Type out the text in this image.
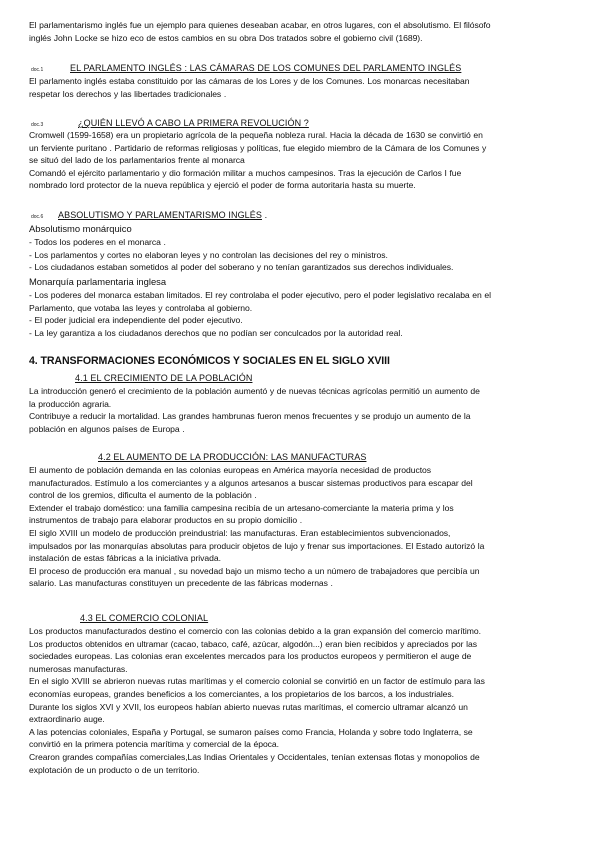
El parlamentarismo inglés fue un ejemplo para quienes deseaban acabar, en otros lugares, con el absolutismo. El filósofo
inglés John Locke se hizo eco de estos cambios en su obra Dos tratados sobre el gobierno civil (1689).
doc.1	EL PARLAMENTO INGLÉS : LAS CÁMARAS DE LOS COMUNES DEL PARLAMENTO INGLÉS
El parlamento inglés estaba constituido por las cámaras de los Lores y de los Comunes. Los monarcas necesitaban
respetar los derechos y las libertades tradicionales .
doc.3	¿QUIÉN LLEVÓ A CABO LA PRIMERA REVOLUCIÓN ?
Cromwell (1599-1658) era un propietario agrícola de la pequeña nobleza rural. Hacia la década de 1630 se convirtió en
un ferviente puritano . Partidario de reformas religiosas y políticas, fue elegido miembro de la Cámara de los Comunes y
se situó del lado de los parlamentarios frente al monarca
Comandó el ejército parlamentario y dio formación militar a muchos campesinos. Tras la ejecución de Carlos I fue
nombrado lord protector de la nueva república y ejerció el poder de forma autoritaria hasta su muerte.
doc.6 ABSOLUTISMO Y PARLAMENTARISMO INGLÉS .

Absolutismo monárquico

- Todos los poderes en el monarca .
- Los parlamentos y cortes no elaboran leyes y no controlan las decisiones del rey o ministros.
- Los ciudadanos estaban sometidos al poder del soberano y no tenían garantizados sus derechos individuales.

Monarquía parlamentaria inglesa

- Los poderes del monarca estaban limitados. El rey controlaba el poder ejecutivo, pero el poder legislativo recalaba en el
Parlamento, que votaba las leyes y controlaba al gobierno.
- El poder judicial era independiente del poder ejecutivo.
- La ley garantiza a los ciudadanos derechos que no podían ser conculcados por la autoridad real.

4. TRANSFORMACIONES ECONÓMICOS Y SOCIALES EN EL SIGLO XVIII

4.1 EL CRECIMIENTO DE LA POBLACIÓN
La introducción generó el crecimiento de la población aumentó y de nuevas técnicas agrícolas permitió un aumento de
la producción agraria.
Contribuye a reducir la mortalidad. Las grandes hambrunas fueron menos frecuentes y se produjo un aumento de la
población en algunos países de Europa .
4.2 EL AUMENTO DE LA PRODUCCIÓN: LAS MANUFACTURAS
El aumento de población demanda en las colonias europeas en América mayoría necesidad de productos
manufacturados. Estímulo a los comerciantes y a algunos artesanos a buscar sistemas productivos para escapar del
control de los gremios, dificulta el aumento de la población .
Extender el trabajo doméstico: una familia campesina recibía de un artesano-comerciante la materia prima y los
instrumentos de trabajo para elaborar productos en su propio domicilio .
El siglo XVIII un modelo de producción preindustrial: las manufacturas. Eran establecimientos subvencionados,
impulsados por las monarquías absolutas para producir objetos de lujo y frenar sus importaciones. El Estado autorizó la
instalación de estas fábricas a la iniciativa privada.
El proceso de producción era manual , su novedad bajo un mismo techo a un número de trabajadores que percibía un
salario. Las manufacturas constituyen un precedente de las fábricas modernas .
4.3 EL COMERCIO COLONIAL
Los productos manufacturados destino el comercio con las colonias debido a la gran expansión del comercio marítimo.
Los productos obtenidos en ultramar (cacao, tabaco, café, azúcar, algodón...) eran bien recibidos y apreciados por las
sociedades europeas. Las colonias eran excelentes mercados para los productos europeos y permitieron el auge de
numerosas manufacturas.
En el siglo XVIII se abrieron nuevas rutas marítimas y el comercio colonial se convirtió en un factor de estímulo para las
economías europeas, grandes beneficios a los comerciantes, a los propietarios de los barcos, a los industriales.
Durante los siglos XVI y XVII, los europeos habían abierto nuevas rutas marítimas, el comercio ultramar alcanzó un
extraordinario auge.
A las potencias coloniales, España y Portugal, se sumaron países como Francia, Holanda y sobre todo Inglaterra, se
convirtió en la primera potencia marítima y comercial de la época.
Crearon grandes compañías comerciales,Las Indias Orientales y Occidentales, tenían extensas flotas y monopolios de
explotación de un producto o de un territorio.
